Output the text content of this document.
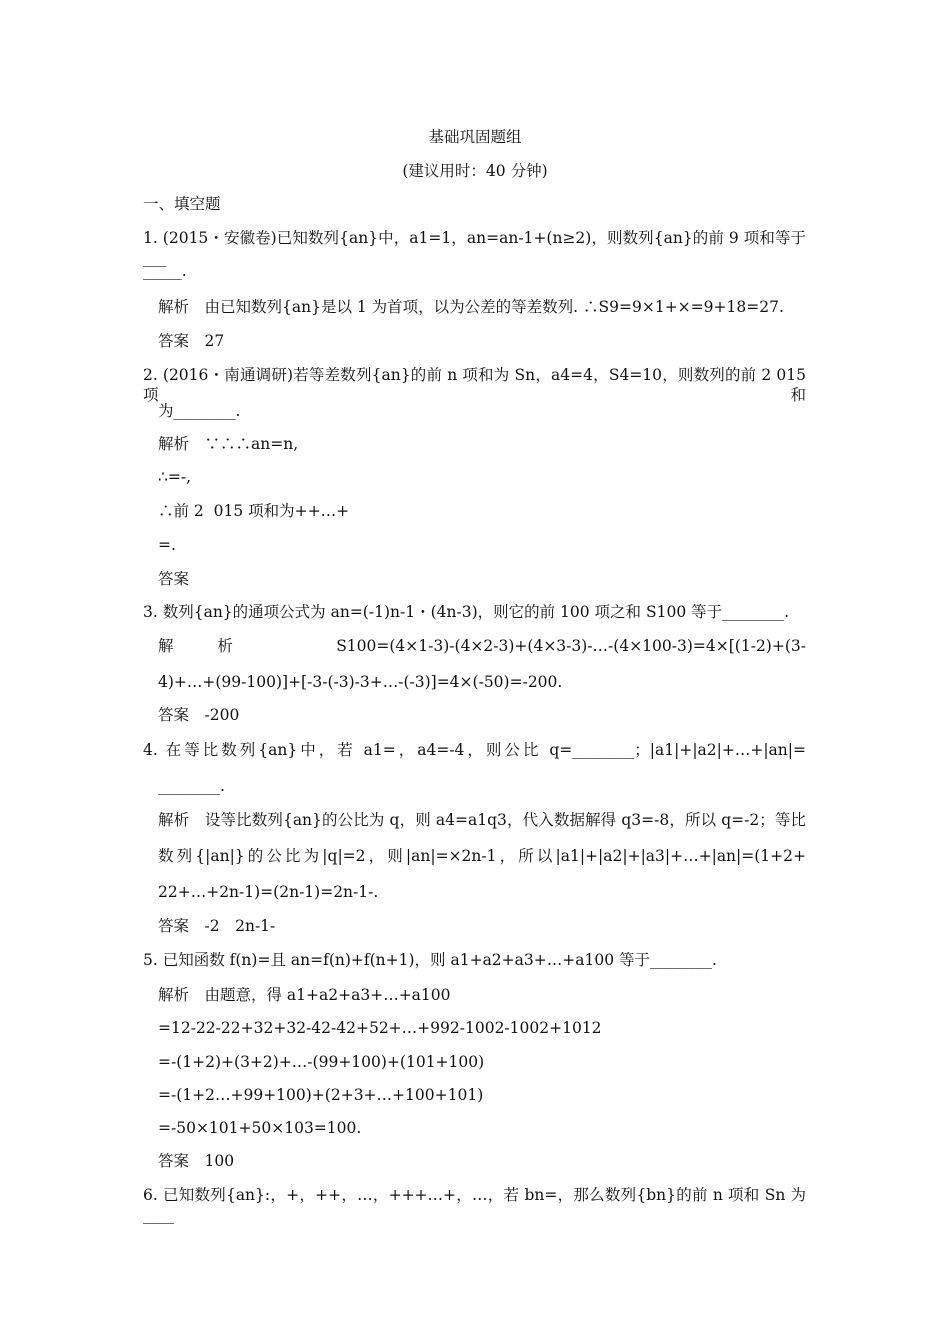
基础巩固题组
(建议用时：40 分钟)
一、填空题
1. (2015・安徽卷)已知数列{an}中，a1=1，an=an-1+(n≥2)，则数列{an}的前 9 项和等于___
_____.
解析　由已知数列{an}是以 1 为首项，以为公差的等差数列. ∴S9=9×1+×=9+18=27.
答案　27
2. (2016・南通调研)若等差数列{an}的前 n 项和为 Sn，a4=4，S4=10，则数列的前 2 015 项和
为________.
解析　∵∴∴an=n,
∴=-,
∴前 2  015 项和为++…+
=.
答案
3. 数列{an}的通项公式为 an=(-1)n-1・(4n-3)，则它的前 100 项之和 S100 等于________.
解析　S100=(4×1-3)-(4×2-3)+(4×3-3)-…-(4×100-3)=4×[(1-2)+(3-
4)+…+(99-100)]+[-3-(-3)-3+…-(-3)]=4×(-50)=-200.
答案　-200
4. 在等比数列{an}中，若 a1=，a4=-4，则公比 q=________；|a1|+|a2|+…+|an|=
________.
解析　设等比数列{an}的公比为 q，则 a4=a1q3，代入数据解得 q3=-8，所以 q=-2；等比
数列{|an|}的公比为|q|=2，则|an|=×2n-1，所以|a1|+|a2|+|a3|+…+|an|=(1+2+
22+…+2n-1)=(2n-1)=2n-1-.
答案　-2　2n-1-
5. 已知函数 f(n)=且 an=f(n)+f(n+1)，则 a1+a2+a3+…+a100 等于________.
解析　由题意，得 a1+a2+a3+…+a100
=12-22-22+32+32-42-42+52+…+992-1002-1002+1012
=-(1+2)+(3+2)+…-(99+100)+(101+100)
=-(1+2…+99+100)+(2+3+…+100+101)
=-50×101+50×103=100.
答案　100
6. 已知数列{an}:，+，++，…，+++…+，…，若 bn=，那么数列{bn}的前 n 项和 Sn 为____
